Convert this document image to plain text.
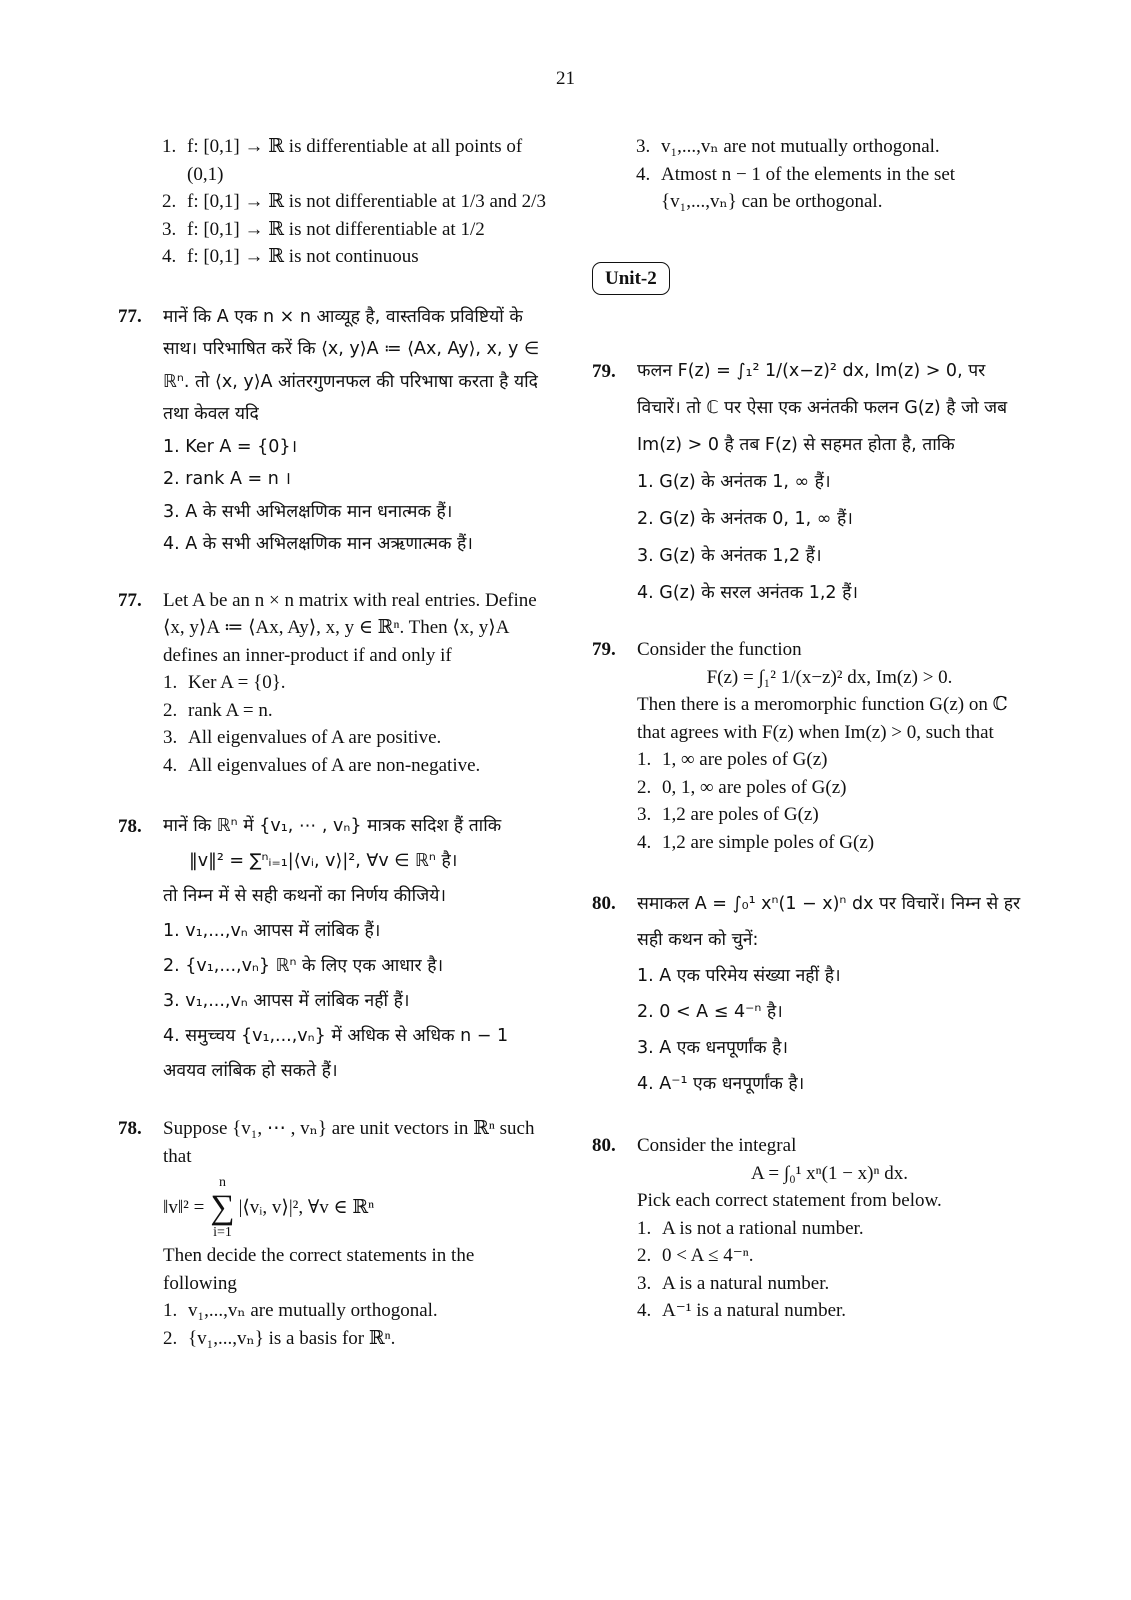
21
1. f: [0,1] → ℝ is differentiable at all points of (0,1)
2. f: [0,1] → ℝ is not differentiable at 1/3 and 2/3
3. f: [0,1] → ℝ is not differentiable at 1/2
4. f: [0,1] → ℝ is not continuous
77. मानें कि A एक n × n आव्यूह है, वास्तविक प्रविष्टियों के साथ। परिभाषित करें कि ⟨x, y⟩A ≔ ⟨Ax, Ay⟩, x, y ∈ ℝⁿ. तो ⟨x, y⟩A आंतरगुणनफल की परिभाषा करता है यदि तथा केवल यदि
1. Ker A = {0}।
2. rank A = n ।
3. A के सभी अभिलक्षणिक मान धनात्मक हैं।
4. A के सभी अभिलक्षणिक मान अऋणात्मक हैं।
77. Let A be an n × n matrix with real entries. Define ⟨x, y⟩A ≔ ⟨Ax, Ay⟩, x, y ∈ ℝⁿ. Then ⟨x, y⟩A defines an inner-product if and only if
1. Ker A = {0}.
2. rank A = n.
3. All eigenvalues of A are positive.
4. All eigenvalues of A are non-negative.
78. मानें कि ℝⁿ में {v₁, ⋯ , vₙ} मात्रक सदिश हैं ताकि
‖v‖² = ∑ⁿᵢ₌₁|⟨vᵢ, v⟩|², ∀v ∈ ℝⁿ है।
तो निम्न में से सही कथनों का निर्णय कीजिये।
1. v₁,...,vₙ आपस में लांबिक हैं।
2. {v₁,...,vₙ} ℝⁿ के लिए एक आधार है।
3. v₁,...,vₙ आपस में लांबिक नहीं हैं।
4. समुच्चय {v₁,...,vₙ} में अधिक से अधिक n − 1 अवयव लांबिक हो सकते हैं।
78. Suppose {v₁, ⋯ , vₙ} are unit vectors in ℝⁿ such that
‖v‖² =
n
∑
i=1
|⟨vᵢ, v⟩|², ∀v ∈ ℝⁿ
Then decide the correct statements in the following
1. v₁,...,vₙ are mutually orthogonal.
2. {v₁,...,vₙ} is a basis for ℝⁿ.
3. v₁,...,vₙ are not mutually orthogonal.
4. Atmost n − 1 of the elements in the set {v₁,...,vₙ} can be orthogonal.
Unit-2
79. फलन F(z) = ∫₁² 1/(x−z)² dx, Im(z) > 0, पर विचारें। तो ℂ पर ऐसा एक अनंतकी फलन G(z) है जो जब Im(z) > 0 है तब F(z) से सहमत होता है, ताकि
1. G(z) के अनंतक 1, ∞ हैं।
2. G(z) के अनंतक 0, 1, ∞ हैं।
3. G(z) के अनंतक 1,2 हैं।
4. G(z) के सरल अनंतक 1,2 हैं।
79. Consider the function
F(z) = ∫₁² 1/(x−z)² dx, Im(z) > 0.
Then there is a meromorphic function G(z) on ℂ that agrees with F(z) when Im(z) > 0, such that
1. 1, ∞ are poles of G(z)
2. 0, 1, ∞ are poles of G(z)
3. 1,2 are poles of G(z)
4. 1,2 are simple poles of G(z)
80. समाकल A = ∫₀¹ xⁿ(1 − x)ⁿ dx पर विचारें। निम्न से हर सही कथन को चुनें:
1. A एक परिमेय संख्या नहीं है।
2. 0 < A ≤ 4⁻ⁿ है।
3. A एक धनपूर्णांक है।
4. A⁻¹ एक धनपूर्णांक है।
80. Consider the integral
A = ∫₀¹ xⁿ(1 − x)ⁿ dx.
Pick each correct statement from below.
1. A is not a rational number.
2. 0 < A ≤ 4⁻ⁿ.
3. A is a natural number.
4. A⁻¹ is a natural number.
